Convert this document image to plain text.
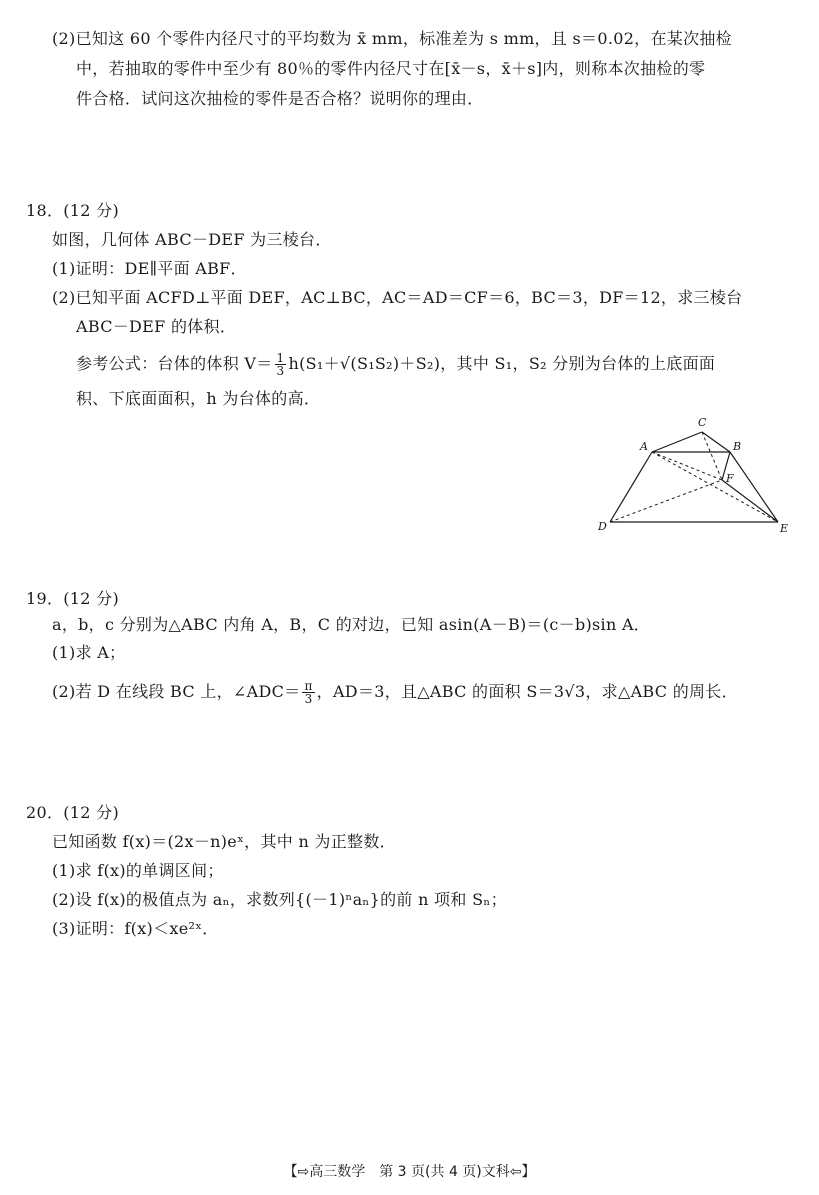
(2)已知这 60 个零件内径尺寸的平均数为 x̄ mm，标准差为 s mm，且 s＝0.02，在某次抽检
中，若抽取的零件中至少有 80％的零件内径尺寸在[x̄－s，x̄＋s]内，则称本次抽检的零
件合格．试问这次抽检的零件是否合格？说明你的理由．
18．(12 分)
如图，几何体 ABC－DEF 为三棱台．
(1)证明：DE∥平面 ABF．
(2)已知平面 ACFD⊥平面 DEF，AC⊥BC，AC＝AD＝CF＝6，BC＝3，DF＝12，求三棱台
ABC－DEF 的体积．
参考公式：台体的体积 $V= \frac{1}{3} h(S_1+√(S_1S_2)+S_2)$，其中 S₁，S₂ 分别为台体的上底面面
积、下底面面积，h 为台体的高．
A
C
B
F
D	E
19．(12 分)
a，b，c 分别为△ABC 内角 A，B，C 的对边，已知 asin(A－B)＝(c－b)sin A．
(1)求 A；
(2)若 D 在线段 BC 上，∠ADC＝ $\frac{\pi}{3}$ ，AD＝3，且△ABC 的面积 S＝3√3，求△ABC 的周长．
20．(12 分)
已知函数 f(x)＝(2x－n)eˣ，其中 n 为正整数．
(1)求 f(x)的单调区间；
(2)设 f(x)的极值点为 aₙ，求数列{(－1)ⁿaₙ}的前 n 项和 Sₙ；
(3)证明：f(x)＜xe²ˣ．
【⇨高三数学　第 3 页(共 4 页)文科⇦】
